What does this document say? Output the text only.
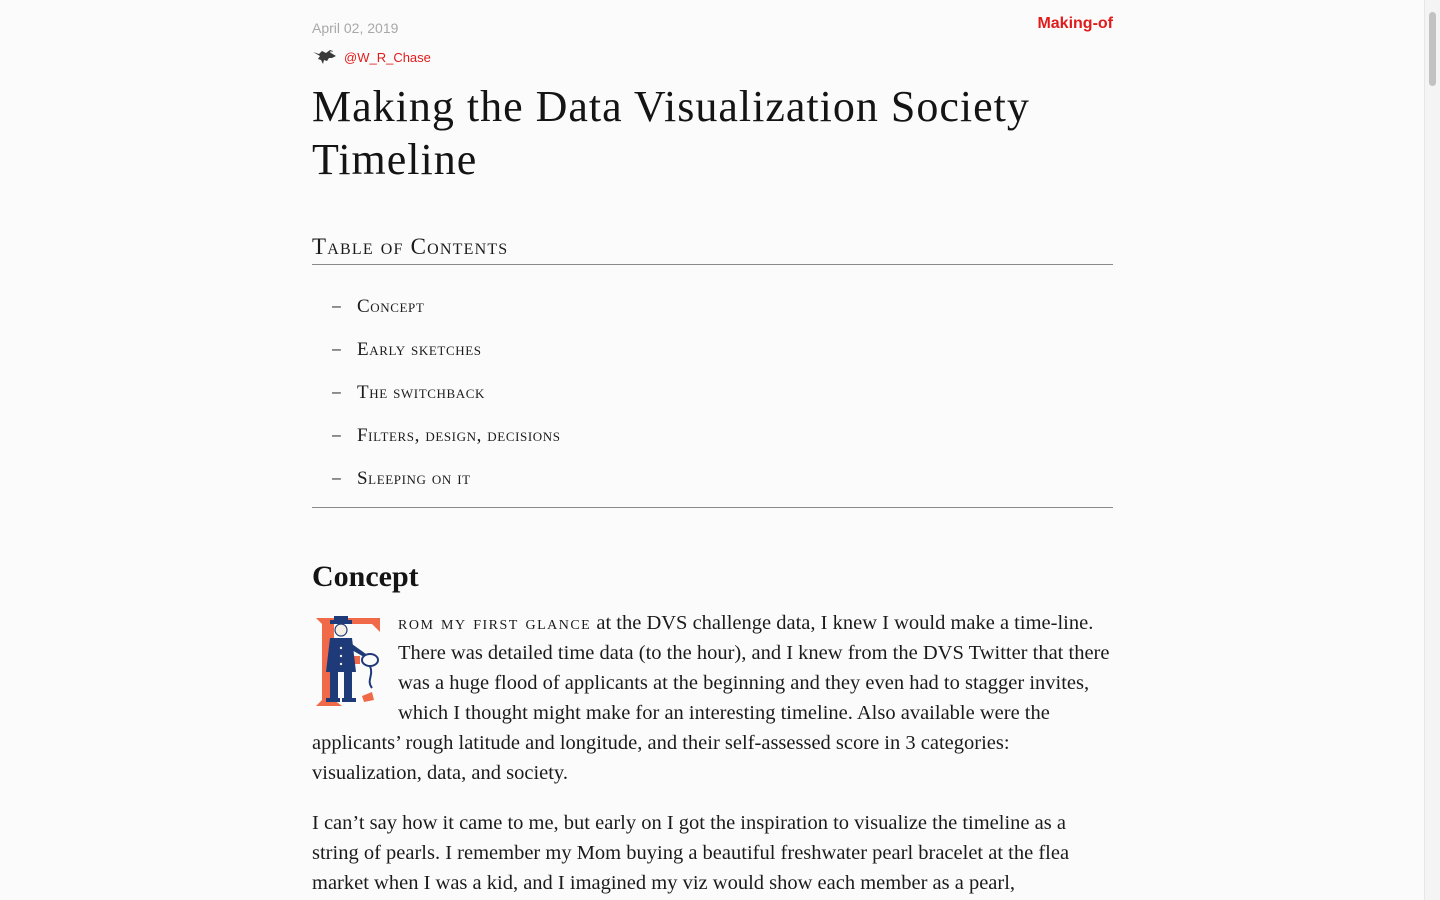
April 02, 2019	Making-of
@W_R_Chase
Making the Data Visualization Society Timeline
Table of Contents
– Concept
– Early sketches
– The switchback
– Filters, design, decisions
– Sleeping on it
Concept

rom my first glance at the DVS challenge data, I knew I would make a time-line. There was detailed time data (to the hour), and I knew from the DVS Twitter that there was a huge flood of applicants at the beginning and they even had to stagger invites, which I thought might make for an interesting timeline. Also available were the applicants’ rough latitude and longitude, and their self-assessed score in 3 categories: visualization, data, and society.

I can’t say how it came to me, but early on I got the inspiration to visualize the timeline as a string of pearls. I remember my Mom buying a beautiful freshwater pearl bracelet at the flea market when I was a kid, and I imagined my viz would show each member as a pearl,
